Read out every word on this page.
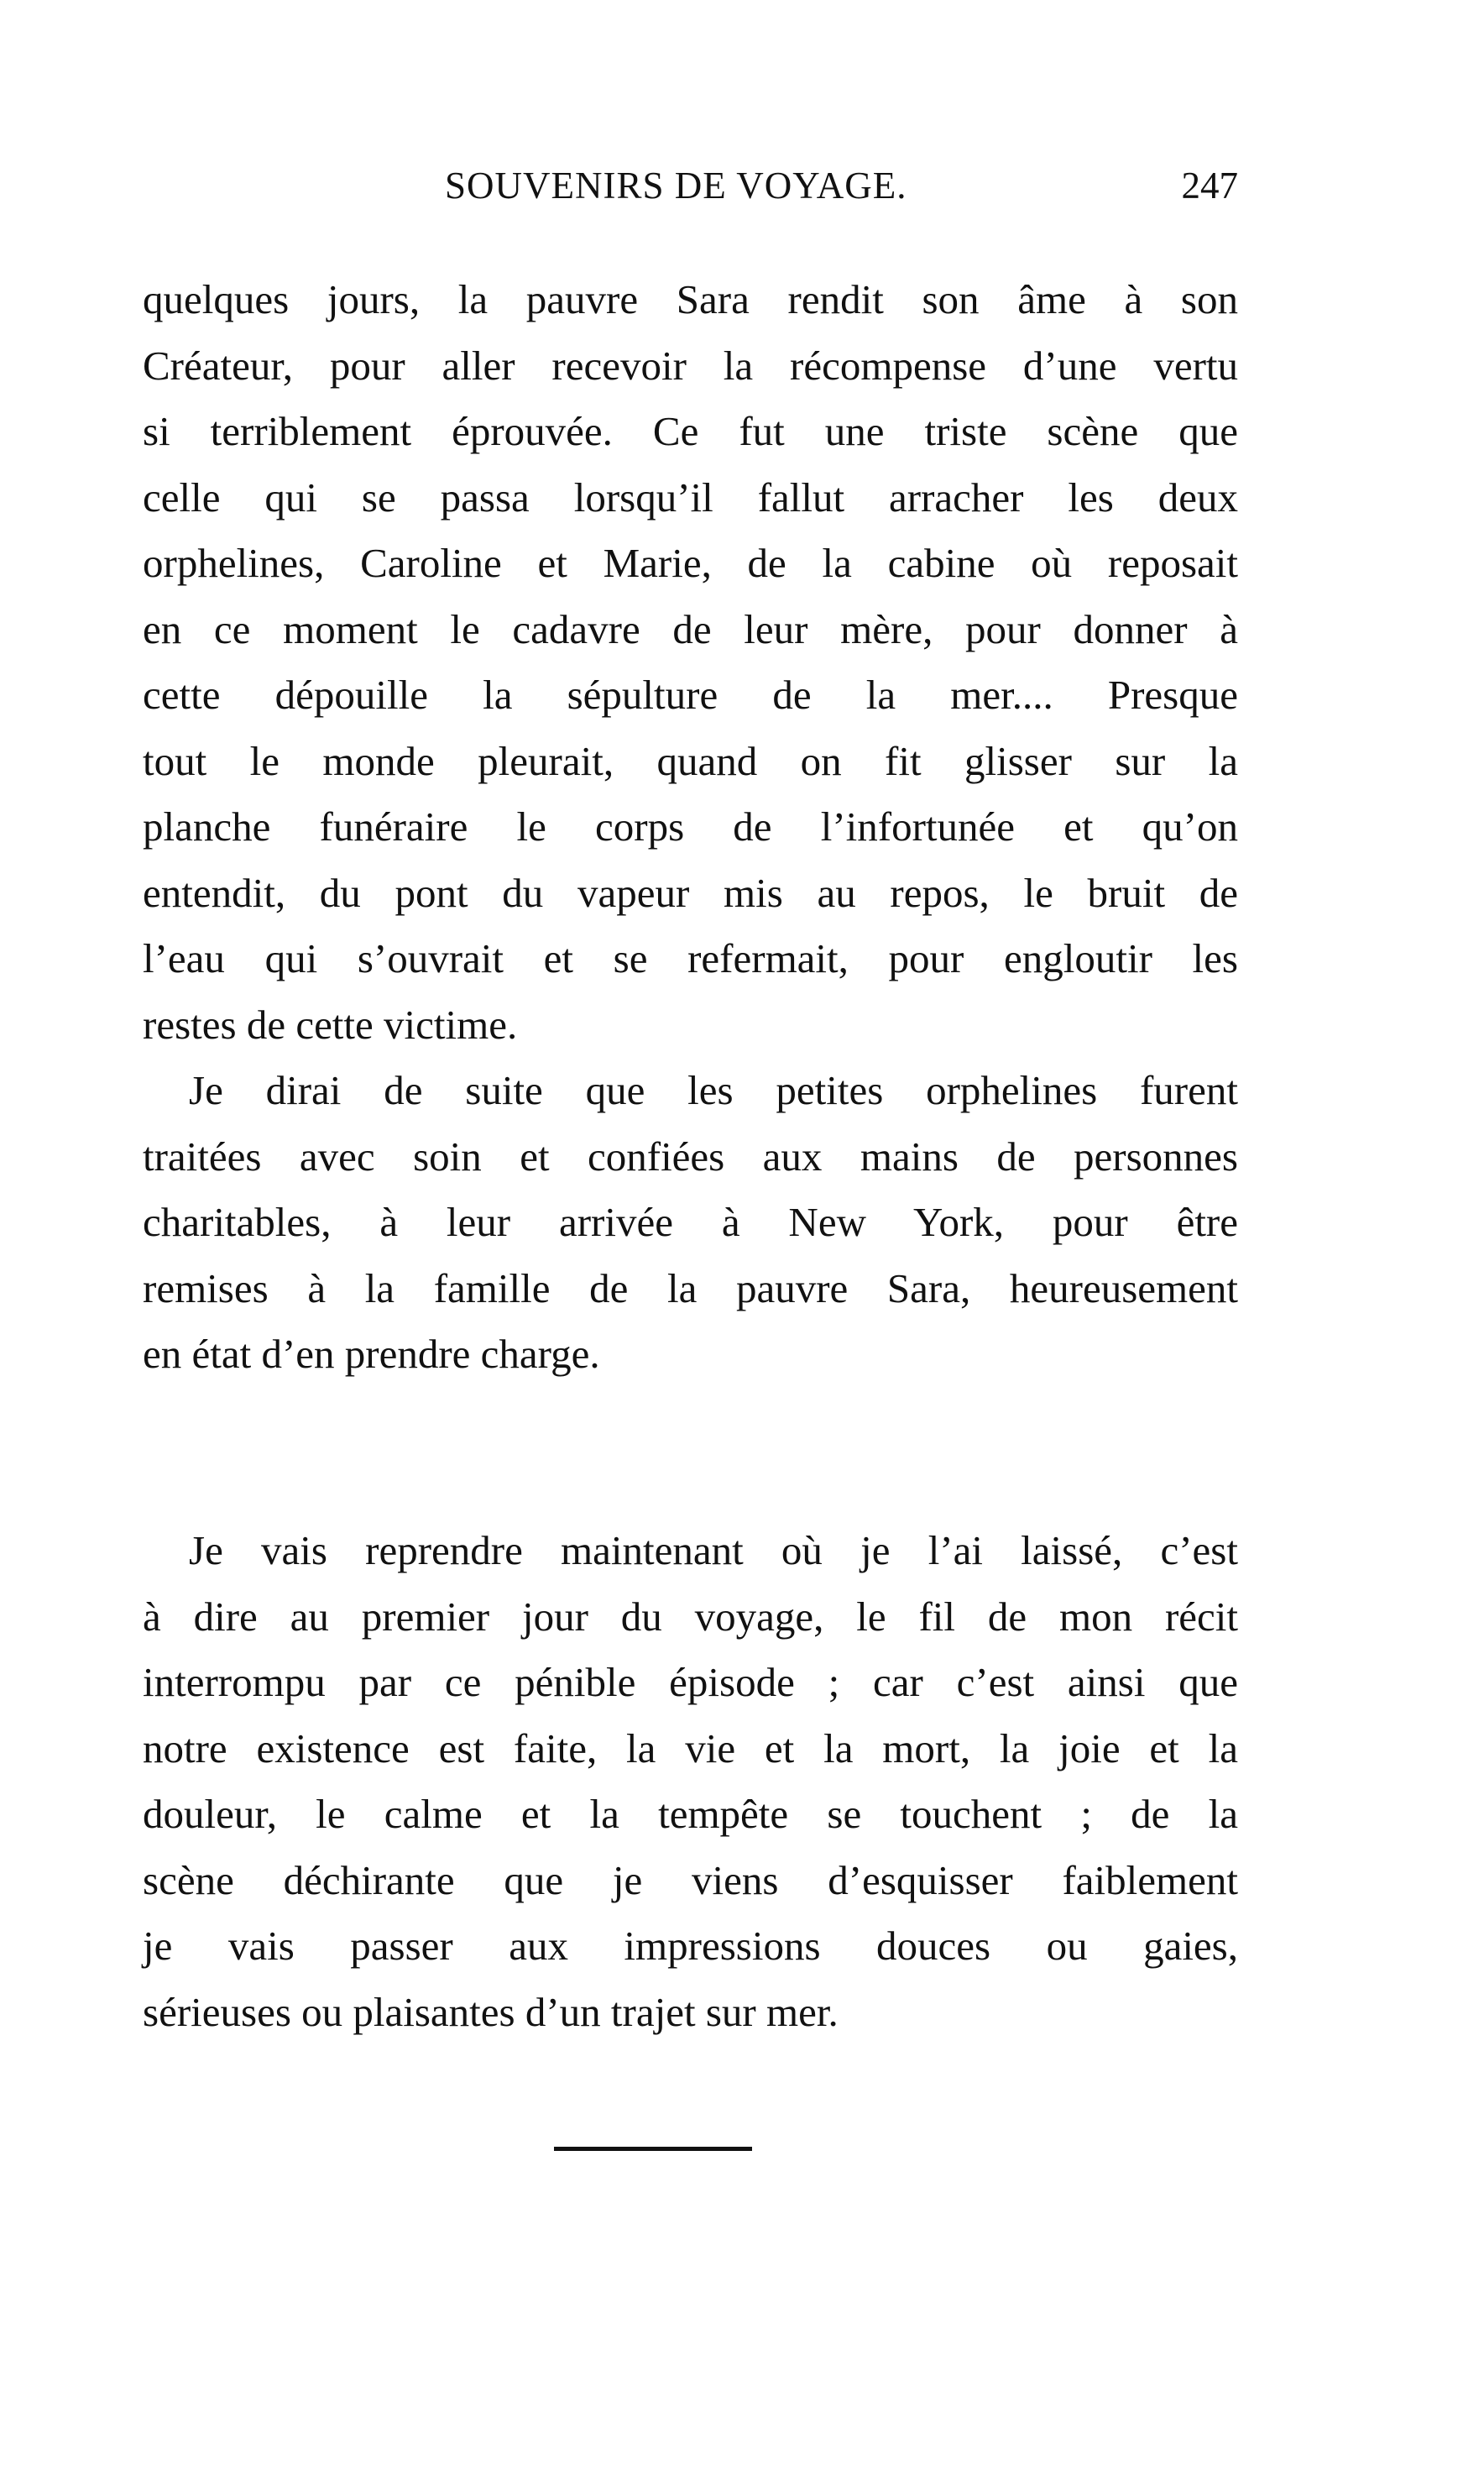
SOUVENIRS DE VOYAGE.	247
quelques jours, la pauvre Sara rendit son âme à son
Créateur, pour aller recevoir la récompense d’une vertu
si terriblement éprouvée. Ce fut une triste scène que
celle qui se passa lorsqu’il fallut arracher les deux
orphelines, Caroline et Marie, de la cabine où reposait
en ce moment le cadavre de leur mère, pour donner à
cette dépouille la sépulture de la mer.... Presque
tout le monde pleurait, quand on fit glisser sur la
planche funéraire le corps de l’infortunée et qu’on
entendit, du pont du vapeur mis au repos, le bruit de
l’eau qui s’ouvrait et se refermait, pour engloutir les
restes de cette victime.
Je dirai de suite que les petites orphelines furent
traitées avec soin et confiées aux mains de personnes
charitables, à leur arrivée à New York, pour être
remises à la famille de la pauvre Sara, heureusement
en état d’en prendre charge.
Je vais reprendre maintenant où je l’ai laissé, c’est
à dire au premier jour du voyage, le fil de mon récit
interrompu par ce pénible épisode ; car c’est ainsi que
notre existence est faite, la vie et la mort, la joie et la
douleur, le calme et la tempête se touchent ; de la
scène déchirante que je viens d’esquisser faiblement
je vais passer aux impressions douces ou gaies,
sérieuses ou plaisantes d’un trajet sur mer.
